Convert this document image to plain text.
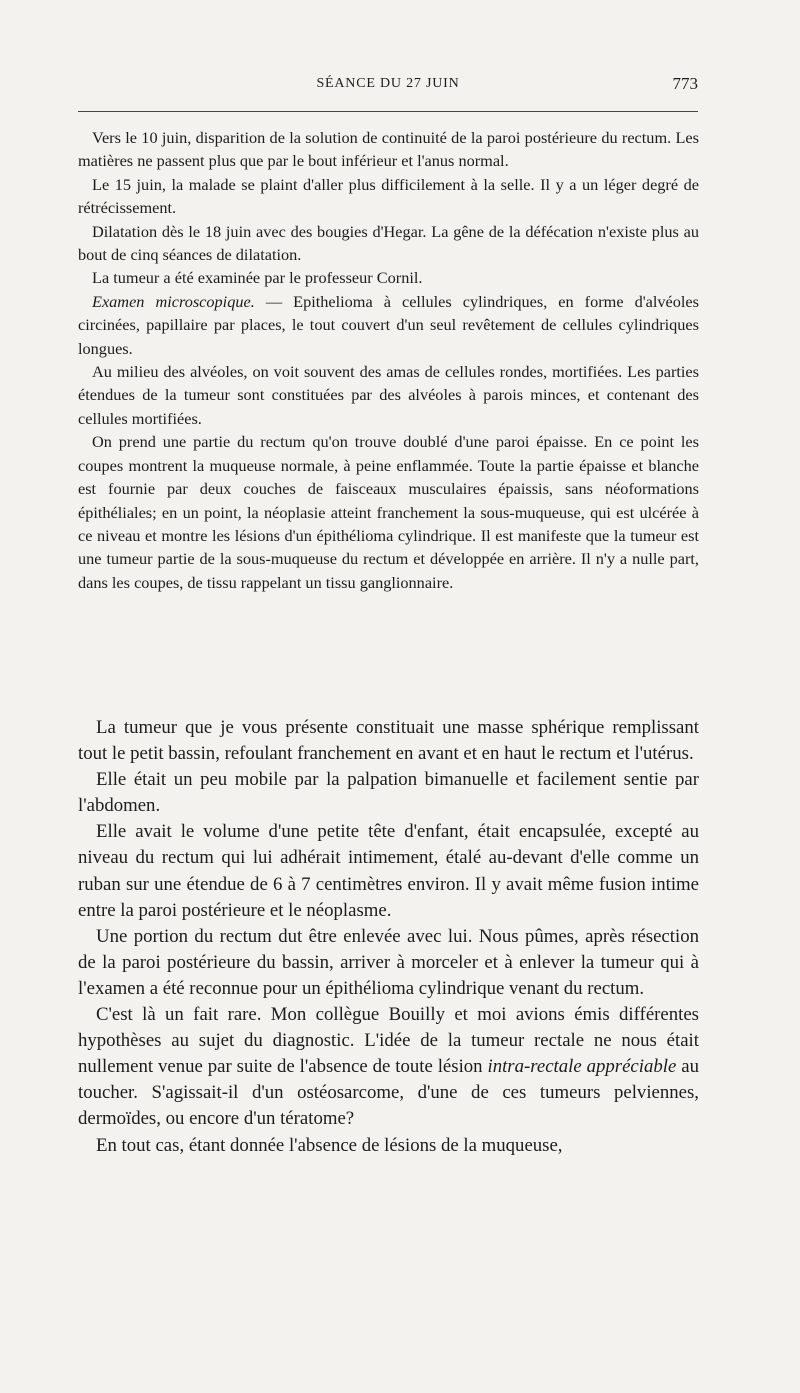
SÉANCE DU 27 JUIN	773

Vers le 10 juin, disparition de la solution de continuité de la paroi postérieure du rectum. Les matières ne passent plus que par le bout inférieur et l'anus normal.

Le 15 juin, la malade se plaint d'aller plus difficilement à la selle. Il y a un léger degré de rétrécissement.

Dilatation dès le 18 juin avec des bougies d'Hegar. La gêne de la défécation n'existe plus au bout de cinq séances de dilatation.

La tumeur a été examinée par le professeur Cornil.

Examen microscopique. — Epithelioma à cellules cylindriques, en forme d'alvéoles circinées, papillaire par places, le tout couvert d'un seul revêtement de cellules cylindriques longues.

Au milieu des alvéoles, on voit souvent des amas de cellules rondes, mortifiées. Les parties étendues de la tumeur sont constituées par des alvéoles à parois minces, et contenant des cellules mortifiées.

On prend une partie du rectum qu'on trouve doublé d'une paroi épaisse. En ce point les coupes montrent la muqueuse normale, à peine enflammée. Toute la partie épaisse et blanche est fournie par deux couches de faisceaux musculaires épaissis, sans néoformations épithéliales; en un point, la néoplasie atteint franchement la sous-muqueuse, qui est ulcérée à ce niveau et montre les lésions d'un épithélioma cylindrique. Il est manifeste que la tumeur est une tumeur partie de la sous-muqueuse du rectum et développée en arrière. Il n'y a nulle part, dans les coupes, de tissu rappelant un tissu ganglionnaire.

La tumeur que je vous présente constituait une masse sphérique remplissant tout le petit bassin, refoulant franchement en avant et en haut le rectum et l'utérus.

Elle était un peu mobile par la palpation bimanuelle et facilement sentie par l'abdomen.

Elle avait le volume d'une petite tête d'enfant, était encapsulée, excepté au niveau du rectum qui lui adhérait intimement, étalé au-devant d'elle comme un ruban sur une étendue de 6 à 7 centimètres environ. Il y avait même fusion intime entre la paroi postérieure et le néoplasme.

Une portion du rectum dut être enlevée avec lui. Nous pûmes, après résection de la paroi postérieure du bassin, arriver à morceler et à enlever la tumeur qui à l'examen a été reconnue pour un épithélioma cylindrique venant du rectum.

C'est là un fait rare. Mon collègue Bouilly et moi avions émis différentes hypothèses au sujet du diagnostic. L'idée de la tumeur rectale ne nous était nullement venue par suite de l'absence de toute lésion intra-rectale appréciable au toucher. S'agissait-il d'un ostéosarcome, d'une de ces tumeurs pelviennes, dermoïdes, ou encore d'un tératome?

En tout cas, étant donnée l'absence de lésions de la muqueuse,
